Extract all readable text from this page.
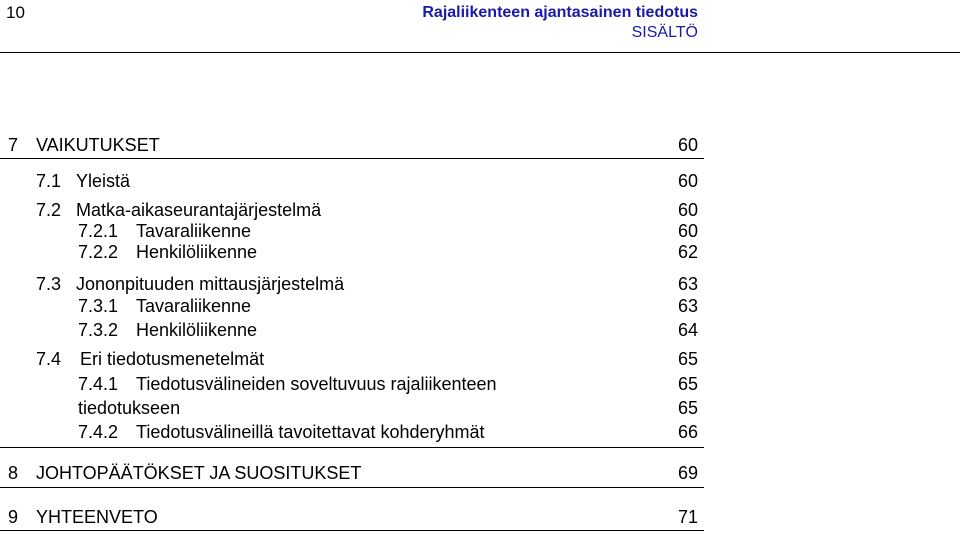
10	Rajaliikenteen ajantasainen tiedotus
SISÄLTÖ
7 VAIKUTUKSET	60
7.1 Yleistä	60
7.2 Matka-aikaseurantajärjestelmä	60
7.2.1 Tavaraliikenne	60
7.2.2 Henkilöliikenne	62
7.3 Jononpituuden mittausjärjestelmä	63
7.3.1 Tavaraliikenne	63
7.3.2 Henkilöliikenne	64
7.4 Eri tiedotusmenetelmät	65
7.4.1 Tiedotusvälineiden soveltuvuus rajaliikenteen	65
tiedotukseen	65
7.4.2 Tiedotusvälineillä tavoitettavat kohderyhmät	66
8 JOHTOPÄÄTÖKSET JA SUOSITUKSET	69
9 YHTEENVETO	71
